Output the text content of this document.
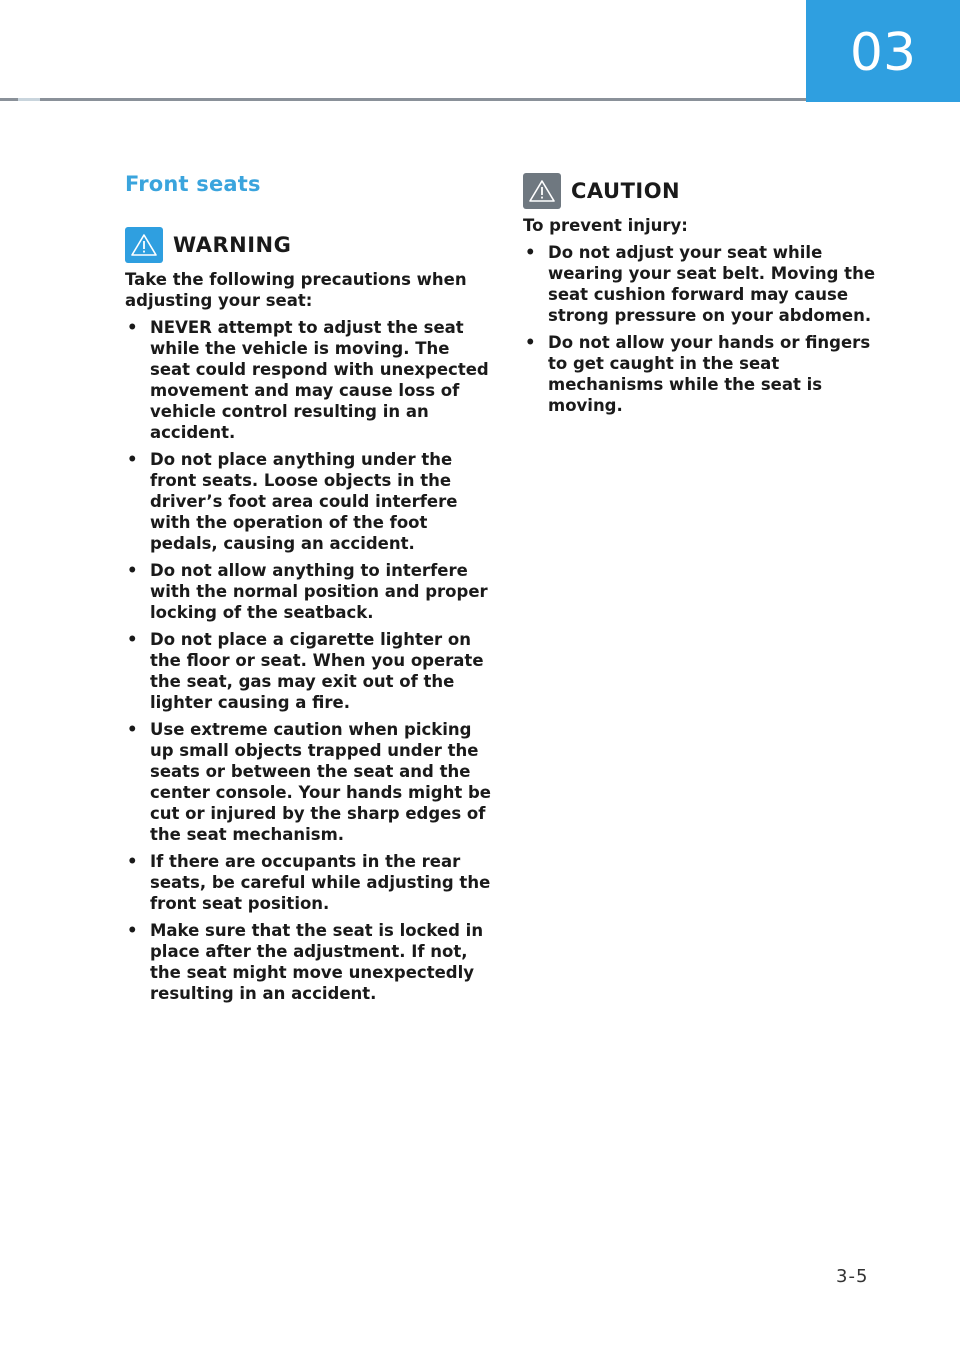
03
Front seats
WARNING
Take the following precautions when adjusting your seat:
• NEVER attempt to adjust the seat while the vehicle is moving. The seat could respond with unexpected movement and may cause loss of vehicle control resulting in an accident.
• Do not place anything under the front seats. Loose objects in the driver’s foot area could interfere with the operation of the foot pedals, causing an accident.
• Do not allow anything to interfere with the normal position and proper locking of the seatback.
• Do not place a cigarette lighter on the floor or seat. When you operate the seat, gas may exit out of the lighter causing a fire.
• Use extreme caution when picking up small objects trapped under the seats or between the seat and the center console. Your hands might be cut or injured by the sharp edges of the seat mechanism.
• If there are occupants in the rear seats, be careful while adjusting the front seat position.
• Make sure that the seat is locked in place after the adjustment. If not, the seat might move unexpectedly resulting in an accident.
CAUTION
To prevent injury:
• Do not adjust your seat while wearing your seat belt. Moving the seat cushion forward may cause strong pressure on your abdomen.
• Do not allow your hands or fingers to get caught in the seat mechanisms while the seat is moving.
3-5
